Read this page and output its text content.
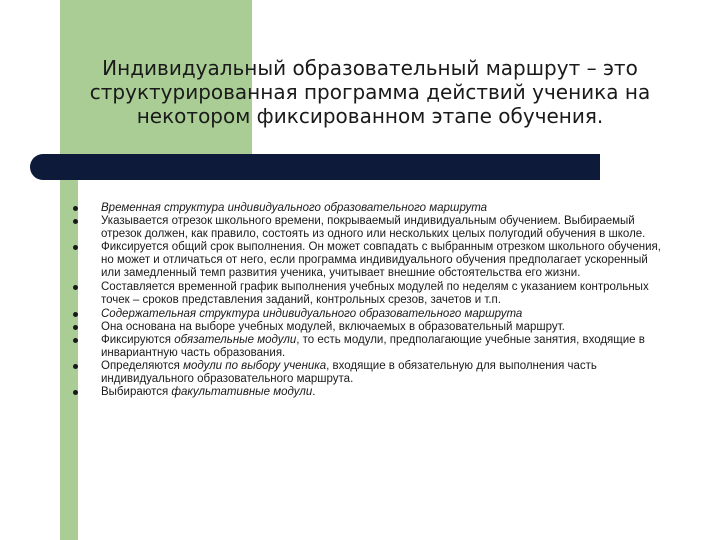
Индивидуальный образовательный маршрут – это структурированная программа действий ученика на некотором фиксированном этапе обучения.
Временная структура индивидуального образовательного маршрута
Указывается отрезок школьного времени, покрываемый индивидуальным обучением. Выбираемый отрезок должен, как правило, состоять из одного или нескольких целых полугодий обучения в школе.
Фиксируется общий срок выполнения. Он может совпадать с выбранным отрезком школьного обучения, но может и отличаться от него, если программа индивидуального обучения предполагает ускоренный или замедленный темп развития ученика, учитывает внешние обстоятельства его жизни.
Составляется временной график выполнения учебных модулей по неделям с указанием контрольных точек – сроков представления заданий, контрольных срезов, зачетов и т.п.
Содержательная структура индивидуального образовательного маршрута
Она основана на выборе учебных модулей, включаемых в образовательный маршрут.
Фиксируются обязательные модули, то есть модули, предполагающие учебные занятия, входящие в инвариантную часть образования.
Определяются модули по выбору ученика, входящие в обязательную для выполнения часть индивидуального образовательного маршрута.
Выбираются факультативные модули.
